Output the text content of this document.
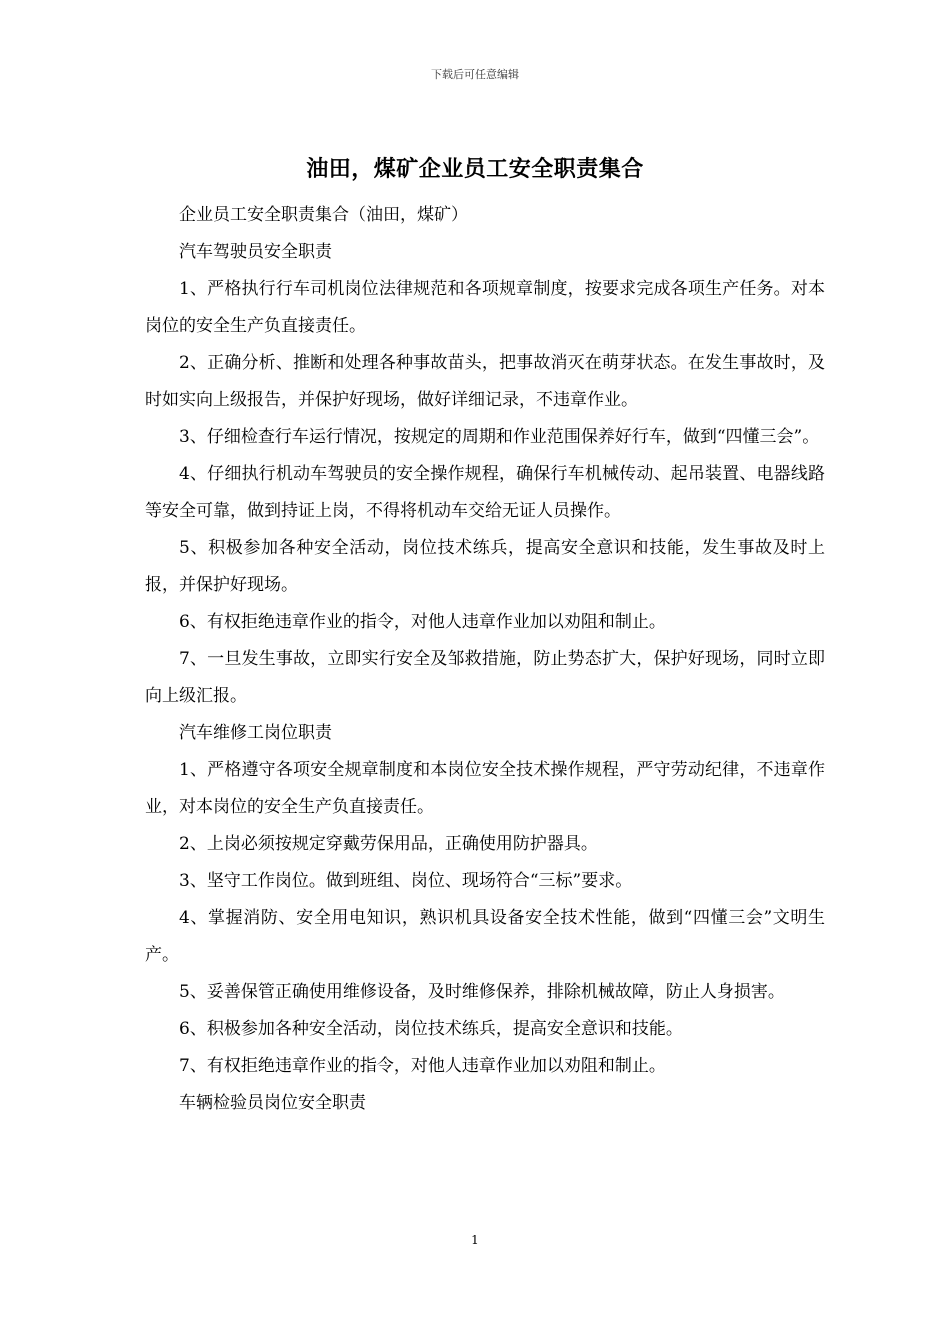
下载后可任意编辑
油田，煤矿企业员工安全职责集合

企业员工安全职责集合（油田，煤矿）

汽车驾驶员安全职责

1、严格执行行车司机岗位法律规范和各项规章制度，按要求完成各项生产任务。对本岗位的安全生产负直接责任。

2、正确分析、推断和处理各种事故苗头，把事故消灭在萌芽状态。在发生事故时，及时如实向上级报告，并保护好现场，做好详细记录，不违章作业。

3、仔细检查行车运行情况，按规定的周期和作业范围保养好行车，做到“四懂三会”。

4、仔细执行机动车驾驶员的安全操作规程，确保行车机械传动、起吊装置、电器线路等安全可靠，做到持证上岗，不得将机动车交给无证人员操作。

5、积极参加各种安全活动，岗位技术练兵，提高安全意识和技能，发生事故及时上报，并保护好现场。

6、有权拒绝违章作业的指令，对他人违章作业加以劝阻和制止。

7、一旦发生事故，立即实行安全及邹救措施，防止势态扩大，保护好现场，同时立即向上级汇报。

汽车维修工岗位职责

1、严格遵守各项安全规章制度和本岗位安全技术操作规程，严守劳动纪律，不违章作业，对本岗位的安全生产负直接责任。

2、上岗必须按规定穿戴劳保用品，正确使用防护器具。

3、坚守工作岗位。做到班组、岗位、现场符合“三标”要求。

4、掌握消防、安全用电知识，熟识机具设备安全技术性能，做到“四懂三会”文明生产。

5、妥善保管正确使用维修设备，及时维修保养，排除机械故障，防止人身损害。

6、积极参加各种安全活动，岗位技术练兵，提高安全意识和技能。

7、有权拒绝违章作业的指令，对他人违章作业加以劝阻和制止。

车辆检验员岗位安全职责

1
